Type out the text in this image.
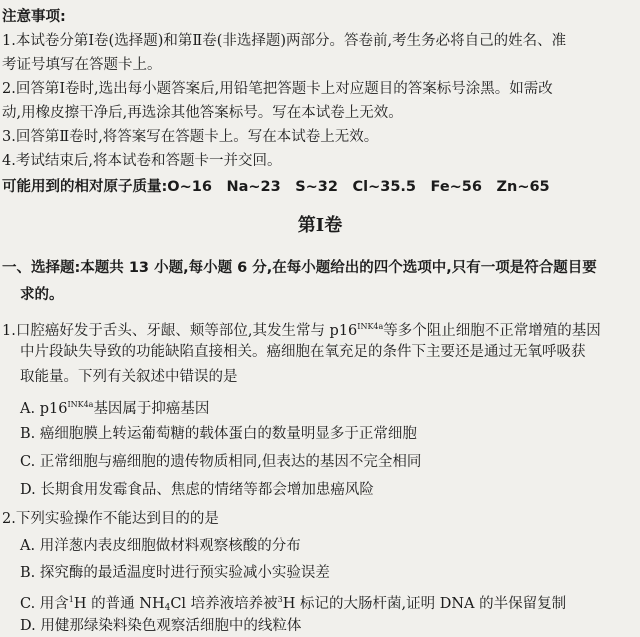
注意事项:
1.本试卷分第Ⅰ卷(选择题)和第Ⅱ卷(非选择题)两部分。答卷前,考生务必将自己的姓名、准
考证号填写在答题卡上。
2.回答第Ⅰ卷时,选出每小题答案后,用铅笔把答题卡上对应题目的答案标号涂黑。如需改
动,用橡皮擦干净后,再选涂其他答案标号。写在本试卷上无效。
3.回答第Ⅱ卷时,将答案写在答题卡上。写在本试卷上无效。
4.考试结束后,将本试卷和答题卡一并交回。
可能用到的相对原子质量:O~16　Na~23　S~32　Cl~35.5　Fe~56　Zn~65
第Ⅰ卷
一、选择题:本题共 13 小题,每小题 6 分,在每小题给出的四个选项中,只有一项是符合题目要
求的。
1.口腔癌好发于舌头、牙龈、颊等部位,其发生常与 $p16^{INK4a}$等多个阻止细胞不正常增殖的基因
中片段缺失导致的功能缺陷直接相关。癌细胞在氧充足的条件下主要还是通过无氧呼吸获
取能量。下列有关叙述中错误的是
A. $p16^{INK4a}$基因属于抑癌基因
B. 癌细胞膜上转运葡萄糖的载体蛋白的数量明显多于正常细胞
C. 正常细胞与癌细胞的遗传物质相同,但表达的基因不完全相同
D. 长期食用发霉食品、焦虑的情绪等都会增加患癌风险
2.下列实验操作不能达到目的的是
A. 用洋葱内表皮细胞做材料观察核酸的分布
B. 探究酶的最适温度时进行预实验减小实验误差
C. 用含$^1$H 的普通 $NH_4Cl$ 培养液培养被$^3$H 标记的大肠杆菌,证明 DNA 的半保留复制
D. 用健那绿染料染色观察活细胞中的线粒体
